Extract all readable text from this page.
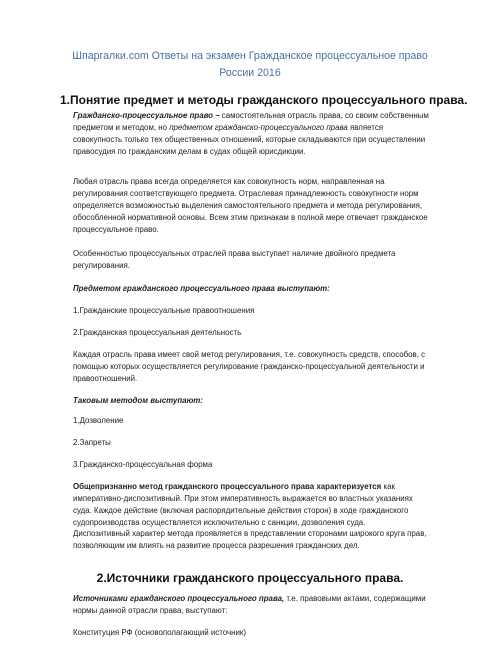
Шпаргалки.com Ответы на экзамен Гражданское процессуальное право России 2016
1.Понятие предмет и методы гражданского процессуального права.
Гражданско-процессуальное право – самостоятельная отрасль права, со своим собственным предметом и методом, но предметом гражданско-процессуального права является совокупность только тех общественных отношений, которые складываются при осуществлении правосудия по гражданским делам в судах общей юрисдикции.
Любая отрасль права всегда определяется как совокупность норм, направленная на регулирования соответствующего предмета. Отраслевая принадлежность совокупности норм определяется возможностью выделения самостоятельного предмета и метода регулирования, обособленной нормативной основы. Всем этим признакам в полной мере отвечает гражданское процессуальное право.
Особенностью процессуальных отраслей права выступает наличие двойного предмета регулирования.
Предметом гражданского процессуального права выступают:
1.Гражданские процессуальные правоотношения
2.Гражданская процессуальная деятельность
Каждая отрасль права имеет свой метод регулирования, т.е. совокупность средств, способов, с помощью которых осуществляется регулирование гражданско-процессуальной деятельности и правоотношений.
Таковым методом выступают:
1.Дозволение
2.Запреты
3.Гражданско-процессуальная форма
Общепризнанно метод гражданского процессуального права характеризуется как императивно-диспозитивный. При этом императивность выражается во властных указаниях суда. Каждое действие (включая распорядительные действия сторон) в ходе гражданского судопроизводства осуществляется исключительно с санкции, дозволения суда.
Диспозитивный характер метода проявляется в представлении сторонами широкого круга прав, позволяющим им влиять на развитие процесса разрешения гражданских дел.
2.Источники гражданского процессуального права.
Источниками гражданского процессуального права, т.е. правовыми актами, содержащими нормы данной отрасли права, выступают:
Конституция РФ (основополагающий источник)
